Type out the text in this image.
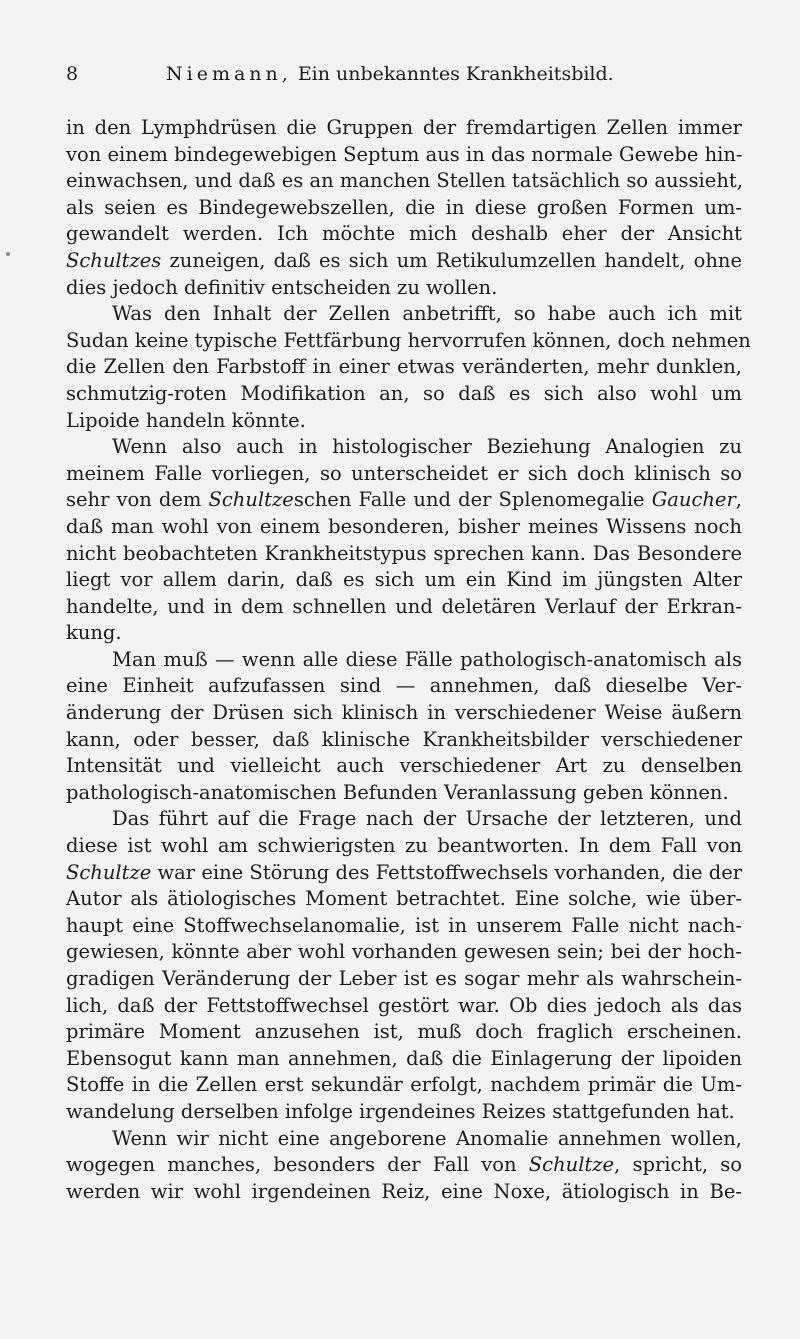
8	Niemann, Ein unbekanntes Krankheitsbild.
in den Lymphdrüsen die Gruppen der fremdartigen Zellen immer
von einem bindegewebigen Septum aus in das normale Gewebe hin-
einwachsen, und daß es an manchen Stellen tatsächlich so aussieht,
als seien es Bindegewebszellen, die in diese großen Formen um-
gewandelt werden. Ich möchte mich deshalb eher der Ansicht
Schultzes zuneigen, daß es sich um Retikulumzellen handelt, ohne
dies jedoch definitiv entscheiden zu wollen.
Was den Inhalt der Zellen anbetrifft, so habe auch ich mit
Sudan keine typische Fettfärbung hervorrufen können, doch nehmen
die Zellen den Farbstoff in einer etwas veränderten, mehr dunklen,
schmutzig-roten Modifikation an, so daß es sich also wohl um
Lipoide handeln könnte.
Wenn also auch in histologischer Beziehung Analogien zu
meinem Falle vorliegen, so unterscheidet er sich doch klinisch so
sehr von dem Schultzeschen Falle und der Splenomegalie Gaucher,
daß man wohl von einem besonderen, bisher meines Wissens noch
nicht beobachteten Krankheitstypus sprechen kann. Das Besondere
liegt vor allem darin, daß es sich um ein Kind im jüngsten Alter
handelte, und in dem schnellen und deletären Verlauf der Erkran-
kung.
Man muß — wenn alle diese Fälle pathologisch-anatomisch als
eine Einheit aufzufassen sind — annehmen, daß dieselbe Ver-
änderung der Drüsen sich klinisch in verschiedener Weise äußern
kann, oder besser, daß klinische Krankheitsbilder verschiedener
Intensität und vielleicht auch verschiedener Art zu denselben
pathologisch-anatomischen Befunden Veranlassung geben können.
Das führt auf die Frage nach der Ursache der letzteren, und
diese ist wohl am schwierigsten zu beantworten. In dem Fall von
Schultze war eine Störung des Fettstoffwechsels vorhanden, die der
Autor als ätiologisches Moment betrachtet. Eine solche, wie über-
haupt eine Stoffwechselanomalie, ist in unserem Falle nicht nach-
gewiesen, könnte aber wohl vorhanden gewesen sein; bei der hoch-
gradigen Veränderung der Leber ist es sogar mehr als wahrschein-
lich, daß der Fettstoffwechsel gestört war. Ob dies jedoch als das
primäre Moment anzusehen ist, muß doch fraglich erscheinen.
Ebensogut kann man annehmen, daß die Einlagerung der lipoiden
Stoffe in die Zellen erst sekundär erfolgt, nachdem primär die Um-
wandelung derselben infolge irgendeines Reizes stattgefunden hat.
Wenn wir nicht eine angeborene Anomalie annehmen wollen,
wogegen manches, besonders der Fall von Schultze, spricht, so
werden wir wohl irgendeinen Reiz, eine Noxe, ätiologisch in Be-
